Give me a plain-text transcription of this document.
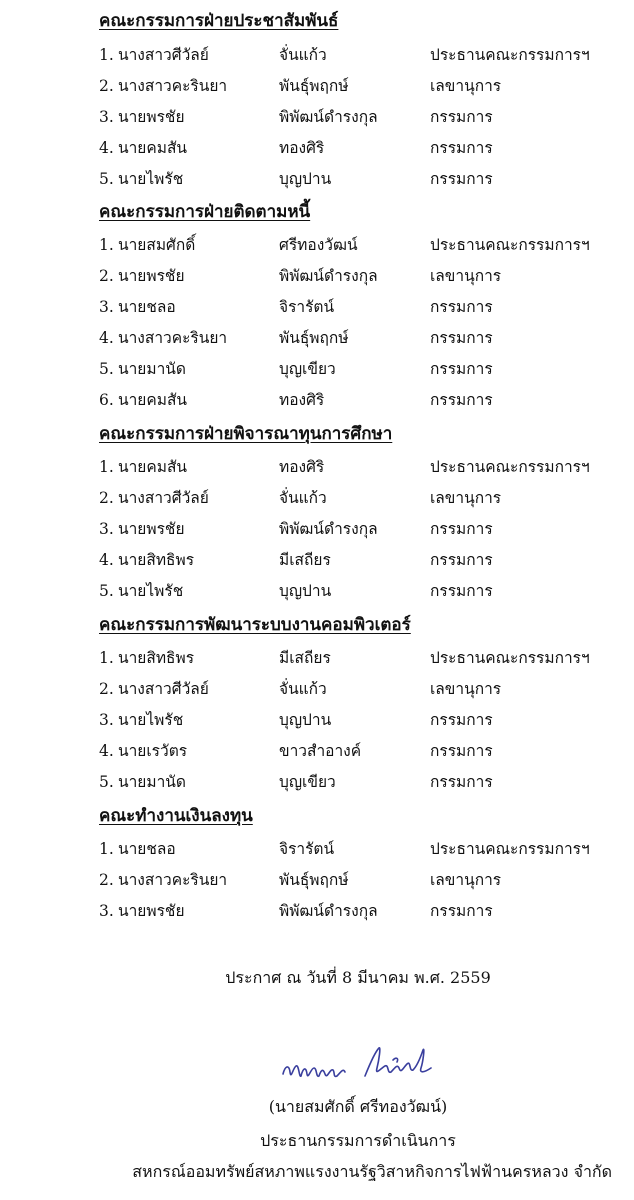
คณะกรรมการฝ่ายประชาสัมพันธ์
คณะกรรมการฝ่ายติดตามหนี้
คณะกรรมการฝ่ายพิจารณาทุนการศึกษา
คณะกรรมการพัฒนาระบบงานคอมพิวเตอร์
คณะทำงานเงินลงทุน
1. นางสาวศีวัลย์	จั่นแก้ว	ประธานคณะกรรมการฯ
2. นางสาวคะรินยา	พันธุ์พฤกษ์	เลขานุการ
3. นายพรชัย	พิพัฒน์ดำรงกุล	กรรมการ
4. นายคมสัน	ทองศิริ	กรรมการ
5. นายไพรัช	บุญปาน	กรรมการ
1. นายสมศักดิ์	ศรีทองวัฒน์	ประธานคณะกรรมการฯ
2. นายพรชัย	พิพัฒน์ดำรงกุล	เลขานุการ
3. นายชลอ	จิรารัตน์	กรรมการ
4. นางสาวคะรินยา	พันธุ์พฤกษ์	กรรมการ
5. นายมานัด	บุญเขียว	กรรมการ
6. นายคมสัน	ทองศิริ	กรรมการ
1. นายคมสัน	ทองศิริ	ประธานคณะกรรมการฯ
2. นางสาวศีวัลย์	จั่นแก้ว	เลขานุการ
3. นายพรชัย	พิพัฒน์ดำรงกุล	กรรมการ
4. นายสิทธิพร	มีเสถียร	กรรมการ
5. นายไพรัช	บุญปาน	กรรมการ
1. นายสิทธิพร	มีเสถียร	ประธานคณะกรรมการฯ
2. นางสาวศีวัลย์	จั่นแก้ว	เลขานุการ
3. นายไพรัช	บุญปาน	กรรมการ
4. นายเรวัตร	ขาวสำอางค์	กรรมการ
5. นายมานัด	บุญเขียว	กรรมการ
1. นายชลอ	จิรารัตน์	ประธานคณะกรรมการฯ
2. นางสาวคะรินยา	พันธุ์พฤกษ์	เลขานุการ
3. นายพรชัย	พิพัฒน์ดำรงกุล	กรรมการ
ประกาศ ณ วันที่ 8 มีนาคม พ.ศ. 2559
(นายสมศักดิ์ ศรีทองวัฒน์)
ประธานกรรมการดำเนินการ
สหกรณ์ออมทรัพย์สหภาพแรงงานรัฐวิสาหกิจการไฟฟ้านครหลวง จำกัด
